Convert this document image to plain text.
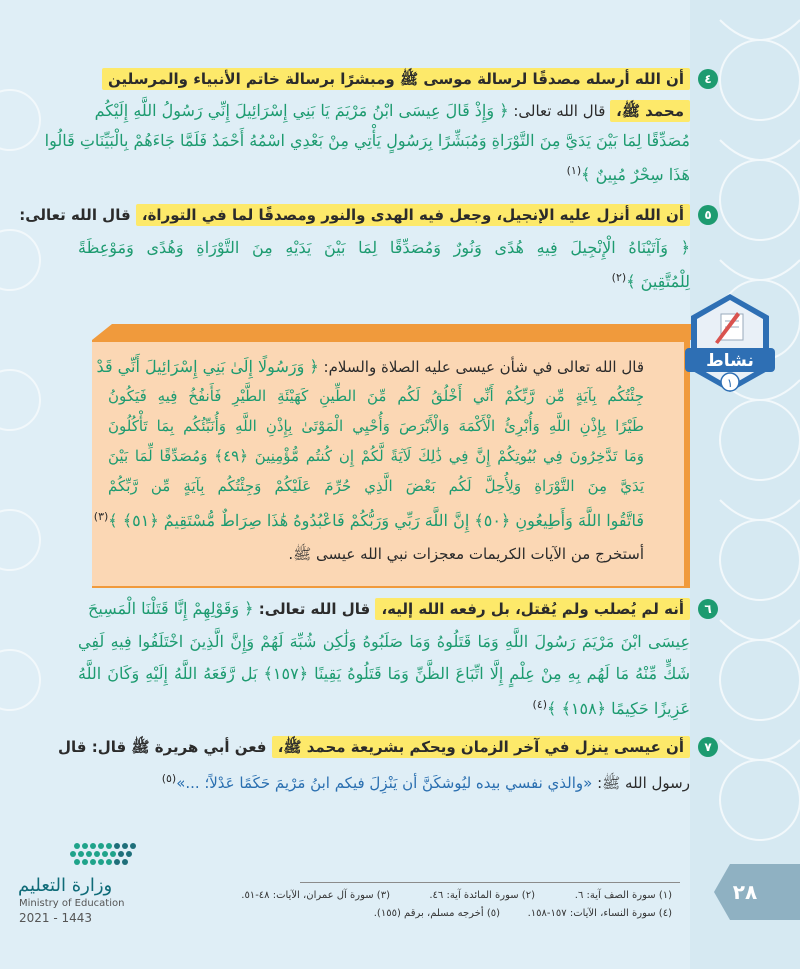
٤
أن الله أرسله مصدقًا لرسالة موسى ﷺ ومبشرًا برسالة خاتم الأنبياء والمرسلين
محمد ﷺ، قال الله تعالى: ﴿ وَإِذْ قَالَ عِيسَى ابْنُ مَرْيَمَ يَا بَنِي إِسْرَائِيلَ إِنِّي رَسُولُ اللَّهِ إِلَيْكُم
مُصَدِّقًا لِمَا بَيْنَ يَدَيَّ مِنَ التَّوْرَاةِ وَمُبَشِّرًا بِرَسُولٍ يَأْتِي مِنْ بَعْدِي اسْمُهُ أَحْمَدُ فَلَمَّا جَاءَهُمْ بِالْبَيِّنَاتِ قَالُوا
هَذَا سِحْرٌ مُبِينٌ ﴾$^{(١)}$
٥
أن الله أنزل عليه الإنجيل، وجعل فيه الهدى والنور ومصدقًا لما في التوراة، قال الله تعالى:
﴿ وَآتَيْنَاهُ الْإِنْجِيلَ فِيهِ هُدًى وَنُورٌ وَمُصَدِّقًا لِمَا بَيْنَ يَدَيْهِ مِنَ التَّوْرَاةِ وَهُدًى وَمَوْعِظَةً
لِلْمُتَّقِينَ ﴾$^{(٢)}$
قال الله تعالى في شأن عيسى عليه الصلاة والسلام: ﴿ وَرَسُولًا إِلَىٰ بَنِي إِسْرَائِيلَ أَنِّي قَدْ
جِئْتُكُم بِآيَةٍ مِّن رَّبِّكُمْ أَنِّي أَخْلُقُ لَكُم مِّنَ الطِّينِ كَهَيْئَةِ الطَّيْرِ فَأَنفُخُ فِيهِ فَيَكُونُ
طَيْرًا بِإِذْنِ اللَّهِ وَأُبْرِئُ الْأَكْمَهَ وَالْأَبْرَصَ وَأُحْيِي الْمَوْتَىٰ بِإِذْنِ اللَّهِ وَأُنَبِّئُكُم بِمَا تَأْكُلُونَ
وَمَا تَدَّخِرُونَ فِي بُيُوتِكُمْ إِنَّ فِي ذَٰلِكَ لَآيَةً لَّكُمْ إِن كُنتُم مُّؤْمِنِينَ ﴿٤٩﴾ وَمُصَدِّقًا لِّمَا بَيْنَ
يَدَيَّ مِنَ التَّوْرَاةِ وَلِأُحِلَّ لَكُم بَعْضَ الَّذِي حُرِّمَ عَلَيْكُمْ وَجِئْتُكُم بِآيَةٍ مِّن رَّبِّكُمْ
فَاتَّقُوا اللَّهَ وَأَطِيعُونِ ﴿٥٠﴾ إِنَّ اللَّهَ رَبِّي وَرَبُّكُمْ فَاعْبُدُوهُ هَٰذَا صِرَاطٌ مُّسْتَقِيمٌ ﴿٥١﴾ ﴾$^{(٣)}$
أستخرج من الآيات الكريمات معجزات نبي الله عيسى ﷺ.
نشاط
١
٦
أنه لم يُصلب ولم يُقتل، بل رفعه الله إليه، قال الله تعالى: ﴿ وَقَوْلِهِمْ إِنَّا قَتَلْنَا الْمَسِيحَ
عِيسَى ابْنَ مَرْيَمَ رَسُولَ اللَّهِ وَمَا قَتَلُوهُ وَمَا صَلَبُوهُ وَلَٰكِن شُبِّهَ لَهُمْ وَإِنَّ الَّذِينَ اخْتَلَفُوا فِيهِ لَفِي
شَكٍّ مِّنْهُ مَا لَهُم بِهِ مِنْ عِلْمٍ إِلَّا اتِّبَاعَ الظَّنِّ وَمَا قَتَلُوهُ يَقِينًا ﴿١٥٧﴾ بَل رَّفَعَهُ اللَّهُ إِلَيْهِ وَكَانَ اللَّهُ
عَزِيزًا حَكِيمًا ﴿١٥٨﴾ ﴾$^{(٤)}$
٧
أن عيسى ينزل في آخر الزمان ويحكم بشريعة محمد ﷺ، فعن أبي هريرة ﷺ قال: قال
رسول الله ﷺ: «والذي نفسي بيده ليُوشكَنَّ أن يَنْزِلَ فيكم ابنُ مَرْيمَ حَكَمًا عَدْلاً؛ ...»$^{(٥)}$
(١) سورة الصف آية: ٦.
(٢) سورة المائدة آية: ٤٦.
(٣) سورة آل عمران، الآيات: ٤٨-٥١.
(٤) سورة النساء، الآيات: ١٥٧-١٥٨.
(٥) أخرجه مسلم، برقم (١٥٥).
٢٨
وزارة التعليم
Ministry of Education
2021 - 1443
